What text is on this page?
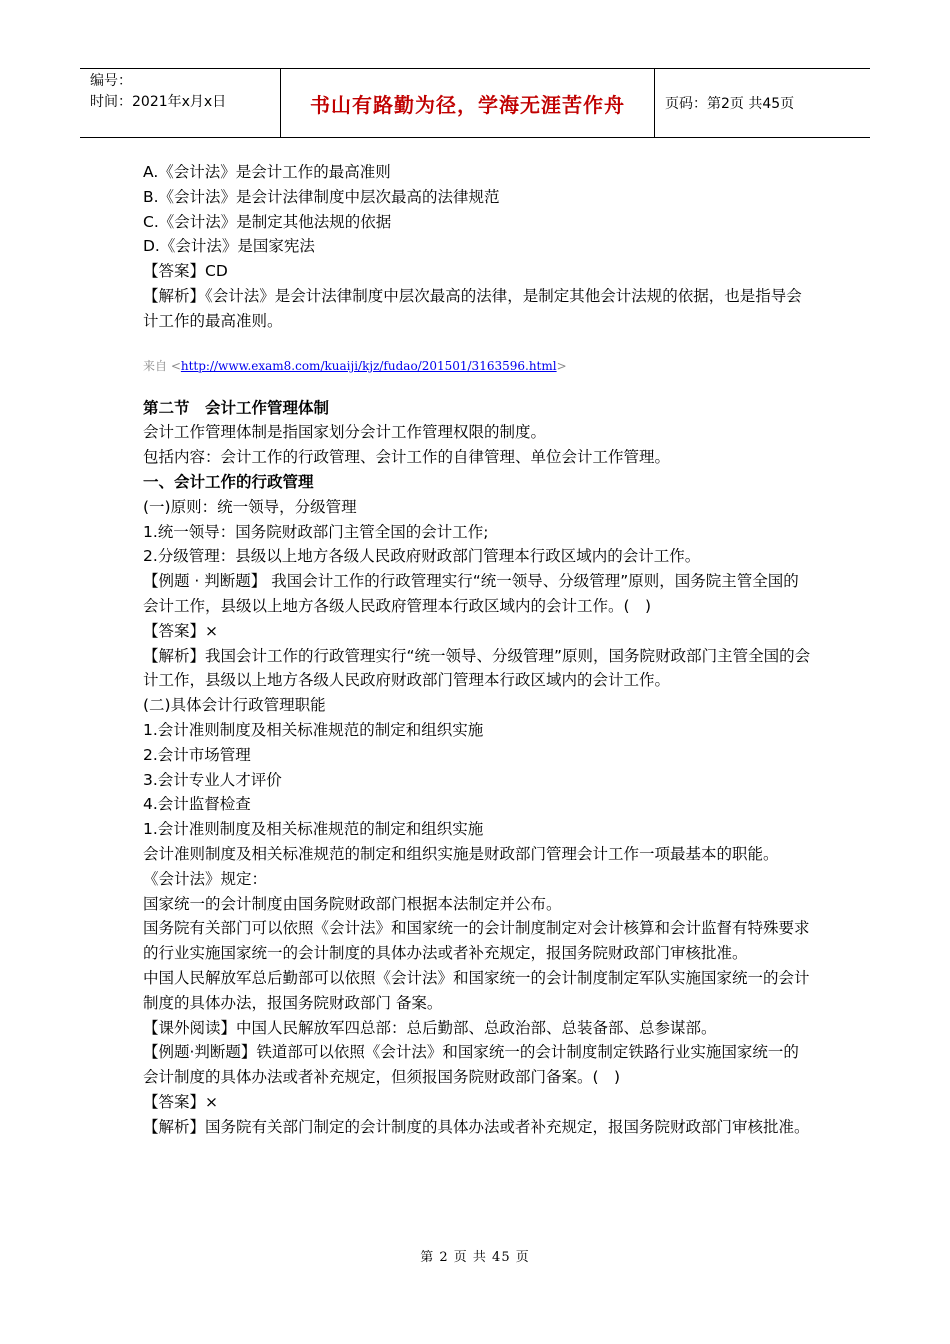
编号：
时间：2021年x月x日	书山有路勤为径，学海无涯苦作舟	页码：第2页 共45页

A.《会计法》是会计工作的最高准则

B.《会计法》是会计法律制度中层次最高的法律规范

C.《会计法》是制定其他法规的依据

D.《会计法》是国家宪法

【答案】CD

【解析】《会计法》是会计法律制度中层次最高的法律，是制定其他会计法规的依据，也是指导会计工作的最高准则。

来自 <http://www.exam8.com/kuaiji/kjz/fudao/201501/3163596.html>

第二节　会计工作管理体制

会计工作管理体制是指国家划分会计工作管理权限的制度。

包括内容：会计工作的行政管理、会计工作的自律管理、单位会计工作管理。

一、会计工作的行政管理

(一)原则：统一领导，分级管理

1.统一领导：国务院财政部门主管全国的会计工作;

2.分级管理：县级以上地方各级人民政府财政部门管理本行政区域内的会计工作。

【例题 · 判断题】 我国会计工作的行政管理实行“统一领导、分级管理”原则，国务院主管全国的会计工作，县级以上地方各级人民政府管理本行政区域内的会计工作。(　)

【答案】×

【解析】我国会计工作的行政管理实行“统一领导、分级管理”原则，国务院财政部门主管全国的会计工作，县级以上地方各级人民政府财政部门管理本行政区域内的会计工作。

(二)具体会计行政管理职能

1.会计准则制度及相关标准规范的制定和组织实施

2.会计市场管理

3.会计专业人才评价

4.会计监督检查

1.会计准则制度及相关标准规范的制定和组织实施

会计准则制度及相关标准规范的制定和组织实施是财政部门管理会计工作一项最基本的职能。

《会计法》规定：

国家统一的会计制度由国务院财政部门根据本法制定并公布。

国务院有关部门可以依照《会计法》和国家统一的会计制度制定对会计核算和会计监督有特殊要求的行业实施国家统一的会计制度的具体办法或者补充规定，报国务院财政部门审核批准。

中国人民解放军总后勤部可以依照《会计法》和国家统一的会计制度制定军队实施国家统一的会计制度的具体办法，报国务院财政部门 备案。

【课外阅读】中国人民解放军四总部：总后勤部、总政治部、总装备部、总参谋部。

【例题·判断题】铁道部可以依照《会计法》和国家统一的会计制度制定铁路行业实施国家统一的会计制度的具体办法或者补充规定，但须报国务院财政部门备案。(　)

【答案】×

【解析】国务院有关部门制定的会计制度的具体办法或者补充规定，报国务院财政部门审核批准。

第 2 页 共 45 页
